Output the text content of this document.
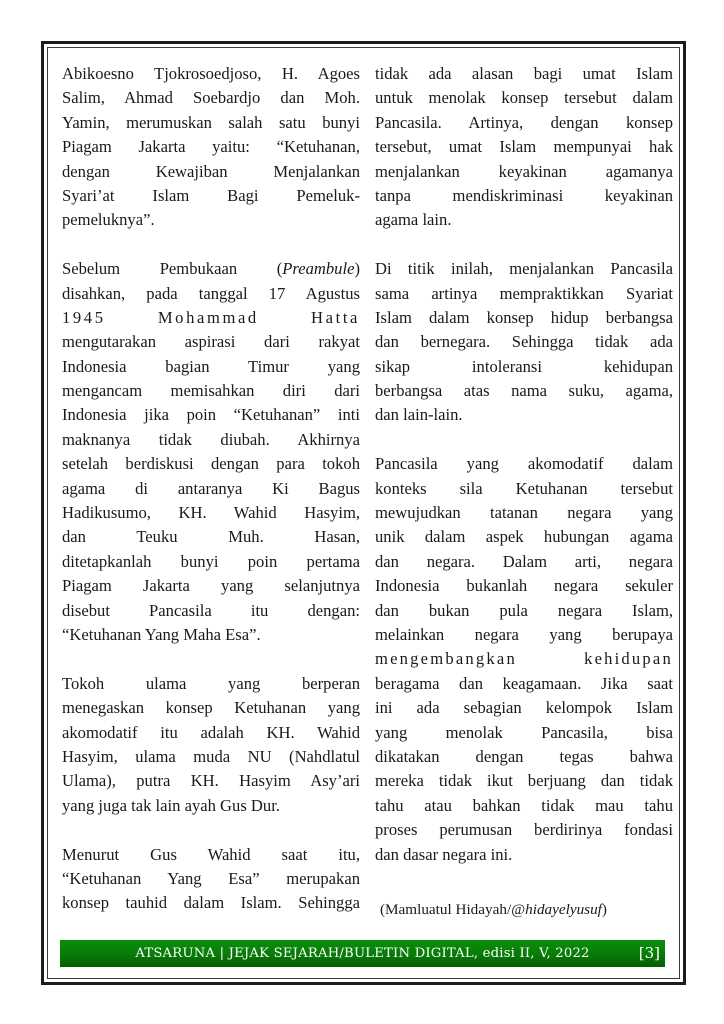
Abikoesno Tjokrosoedjoso, H. Agoes
Salim, Ahmad Soebardjo dan Moh.
Yamin, merumuskan salah satu bunyi
Piagam Jakarta yaitu: “Ketuhanan,
dengan Kewajiban Menjalankan
Syari’at Islam Bagi Pemeluk-
pemeluknya”.
Sebelum Pembukaan (Preambule)
disahkan, pada tanggal 17 Agustus
1945 Mohammad Hatta
mengutarakan aspirasi dari rakyat
Indonesia bagian Timur yang
mengancam memisahkan diri dari
Indonesia jika poin “Ketuhanan” inti
maknanya tidak diubah. Akhirnya
setelah berdiskusi dengan para tokoh
agama di antaranya Ki Bagus
Hadikusumo, KH. Wahid Hasyim,
dan Teuku Muh. Hasan,
ditetapkanlah bunyi poin pertama
Piagam Jakarta yang selanjutnya
disebut Pancasila itu dengan:
“Ketuhanan Yang Maha Esa”.
Tokoh ulama yang berperan
menegaskan konsep Ketuhanan yang
akomodatif itu adalah KH. Wahid
Hasyim, ulama muda NU (Nahdlatul
Ulama), putra KH. Hasyim Asy’ari
yang juga tak lain ayah Gus Dur.
Menurut Gus Wahid saat itu,
“Ketuhanan Yang Esa” merupakan
konsep tauhid dalam Islam. Sehingga
tidak ada alasan bagi umat Islam
untuk menolak konsep tersebut dalam
Pancasila. Artinya, dengan konsep
tersebut, umat Islam mempunyai hak
menjalankan keyakinan agamanya
tanpa mendiskriminasi keyakinan
agama lain.
Di titik inilah, menjalankan Pancasila
sama artinya mempraktikkan Syariat
Islam dalam konsep hidup berbangsa
dan bernegara. Sehingga tidak ada
sikap intoleransi kehidupan
berbangsa atas nama suku, agama,
dan lain-lain.
Pancasila yang akomodatif dalam
konteks sila Ketuhanan tersebut
mewujudkan tatanan negara yang
unik dalam aspek hubungan agama
dan negara. Dalam arti, negara
Indonesia bukanlah negara sekuler
dan bukan pula negara Islam,
melainkan negara yang berupaya
mengembangkan kehidupan
beragama dan keagamaan. Jika saat
ini ada sebagian kelompok Islam
yang menolak Pancasila, bisa
dikatakan dengan tegas bahwa
mereka tidak ikut berjuang dan tidak
tahu atau bahkan tidak mau tahu
proses perumusan berdirinya fondasi
dan dasar negara ini.
(Mamluatul Hidayah/@hidayelyusuf)
ATSARUNA | JEJAK SEJARAH/BULETIN DIGITAL, edisi II, V, 2022	[3]
